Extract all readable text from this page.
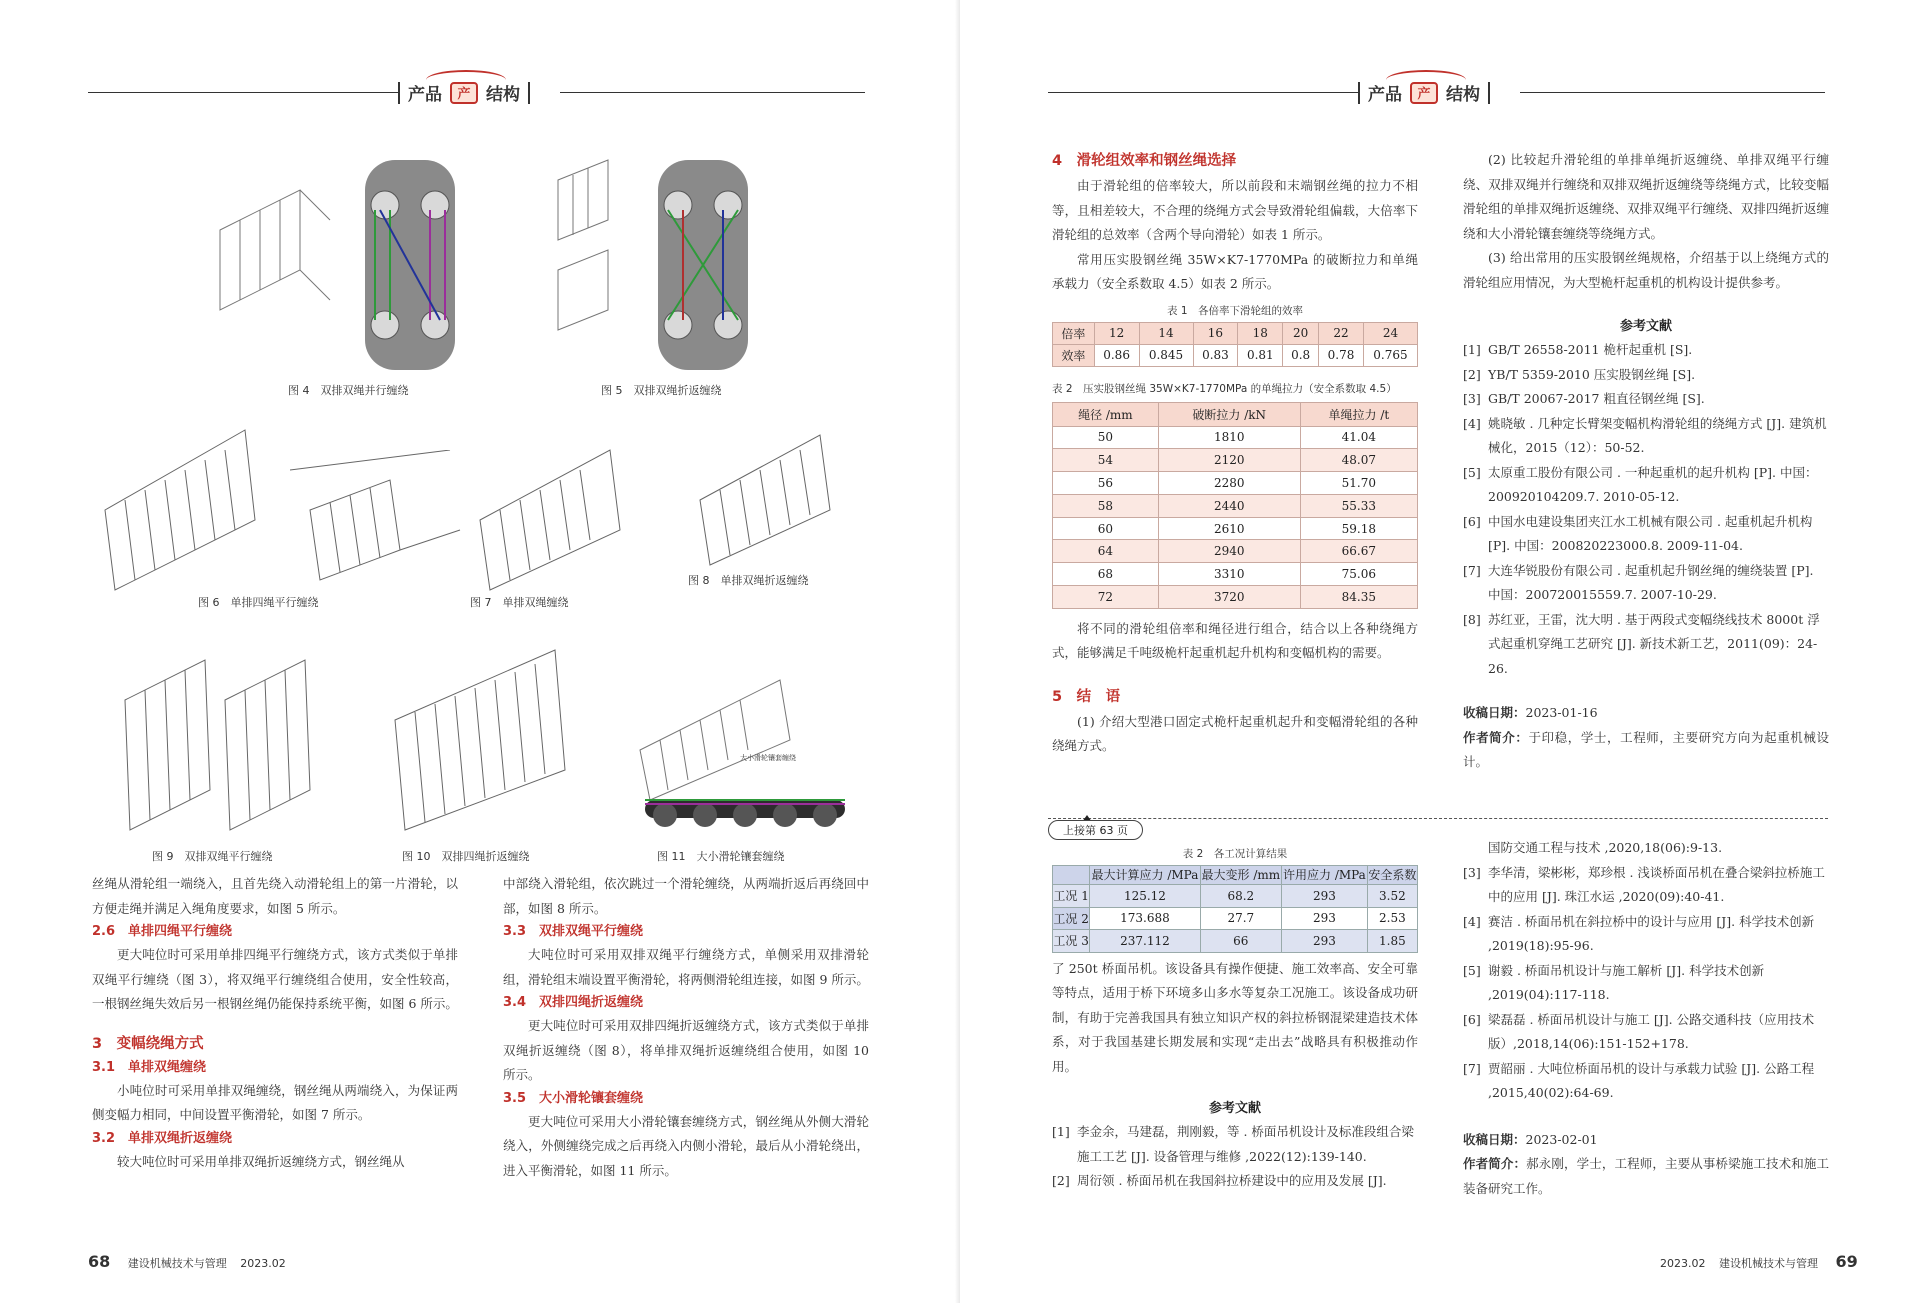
产品 产 结构
图 4　双排双绳并行缠绕	图 5　双排双绳折返缠绕
图 6　单排四绳平行缠绕	图 7　单排双绳缠绕
图 8　单排双绳折返缠绕
图 9　双排双绳平行缠绕	图 10　双排四绳折返缠绕
大小滑轮镶套缠绕
图 11　大小滑轮镶套缠绕

丝绳从滑轮组一端绕入，且首先绕入动滑轮组上的第一片滑轮，以方便走绳并满足入绳角度要求，如图 5 所示。

2.6　单排四绳平行缠绕

更大吨位时可采用单排四绳平行缠绕方式，该方式类似于单排双绳平行缠绕（图 3），将双绳平行缠绕组合使用，安全性较高，一根钢丝绳失效后另一根钢丝绳仍能保持系统平衡，如图 6 所示。

3　变幅绕绳方式
3.1　单排双绳缠绕

小吨位时可采用单排双绳缠绕，钢丝绳从两端绕入，为保证两侧变幅力相同，中间设置平衡滑轮，如图 7 所示。

3.2　单排双绳折返缠绕

较大吨位时可采用单排双绳折返缠绕方式，钢丝绳从

中部绕入滑轮组，依次跳过一个滑轮缠绕，从两端折返后再绕回中部，如图 8 所示。

3.3　双排双绳平行缠绕

大吨位时可采用双排双绳平行缠绕方式，单侧采用双排滑轮组，滑轮组末端设置平衡滑轮，将两侧滑轮组连接，如图 9 所示。

3.4　双排四绳折返缠绕

更大吨位时可采用双排四绳折返缠绕方式，该方式类似于单排双绳折返缠绕（图 8），将单排双绳折返缠绕组合使用，如图 10 所示。

3.5　大小滑轮镶套缠绕

更大吨位可采用大小滑轮镶套缠绕方式，钢丝绳从外侧大滑轮绕入，外侧缠绕完成之后再绕入内侧小滑轮，最后从小滑轮绕出，进入平衡滑轮，如图 11 所示。

68 建设机械技术与管理 2023.02
产品 产 结构
4　滑轮组效率和钢丝绳选择

由于滑轮组的倍率较大，所以前段和末端钢丝绳的拉力不相等，且相差较大，不合理的绕绳方式会导致滑轮组偏载，大倍率下滑轮组的总效率（含两个导向滑轮）如表 1 所示。

常用压实股钢丝绳 35W×K7-1770MPa 的破断拉力和单绳承载力（安全系数取 4.5）如表 2 所示。

表 1　各倍率下滑轮组的效率
倍率	12	14	16	18	20	22	24
效率	0.86	0.845	0.83	0.81	0.8	0.78	0.765
表 2　压实股钢丝绳 35W×K7-1770MPa 的单绳拉力（安全系数取 4.5）
绳径 /mm	破断拉力 /kN	单绳拉力 /t
50	1810	41.04
54	2120	48.07
56	2280	51.70
58	2440	55.33
60	2610	59.18
64	2940	66.67
68	3310	75.06
72	3720	84.35

将不同的滑轮组倍率和绳径进行组合，结合以上各种绕绳方式，能够满足千吨级桅杆起重机起升机构和变幅机构的需要。

5　结　语

(1) 介绍大型港口固定式桅杆起重机起升和变幅滑轮组的各种绕绳方式。

(2) 比较起升滑轮组的单排单绳折返缠绕、单排双绳平行缠绕、双排双绳并行缠绕和双排双绳折返缠绕等绕绳方式，比较变幅滑轮组的单排双绳折返缠绕、双排双绳平行缠绕、双排四绳折返缠绕和大小滑轮镶套缠绕等绕绳方式。

(3) 给出常用的压实股钢丝绳规格，介绍基于以上绕绳方式的滑轮组应用情况，为大型桅杆起重机的机构设计提供参考。

参考文献
[1] GB/T 26558-2011 桅杆起重机 [S].
[2] YB/T 5359-2010 压实股钢丝绳 [S].
[3] GB/T 20067-2017 粗直径钢丝绳 [S].
[4] 姚晓敏 . 几种定长臂架变幅机构滑轮组的绕绳方式 [J]. 建筑机械化，2015（12）：50-52.
[5] 太原重工股份有限公司 . 一种起重机的起升机构 [P]. 中国：200920104209.7. 2010-05-12.
[6] 中国水电建设集团夹江水工机械有限公司 . 起重机起升机构 [P]. 中国：200820223000.8. 2009-11-04.
[7] 大连华锐股份有限公司 . 起重机起升钢丝绳的缠绕装置 [P]. 中国：200720015559.7. 2007-10-29.
[8] 苏红亚，王雷，沈大明 . 基于两段式变幅绕线技术 8000t 浮式起重机穿绳工艺研究 [J]. 新技术新工艺，2011(09)：24-26.
收稿日期：2023-01-16
作者简介：于印稳，学士，工程师，主要研究方向为起重机械设计。
上接第 63 页
表 2　各工况计算结果
	最大计算应力 /MPa	最大变形 /mm	许用应力 /MPa	安全系数
工况 1	125.12	68.2	293	3.52
工况 2	173.688	27.7	293	2.53
工况 3	237.112	66	293	1.85

了 250t 桥面吊机。该设备具有操作便捷、施工效率高、安全可靠等特点，适用于桥下环境多山多水等复杂工况施工。该设备成功研制，有助于完善我国具有独立知识产权的斜拉桥钢混梁建造技术体系，对于我国基建长期发展和实现“走出去”战略具有积极推动作用。

参考文献
[1] 李金余，马建磊，荆刚毅，等 . 桥面吊机设计及标准段组合梁施工工艺 [J]. 设备管理与维修 ,2022(12):139-140.
[2] 周衍领 . 桥面吊机在我国斜拉桥建设中的应用及发展 [J].
国防交通工程与技术 ,2020,18(06):9-13.
[3] 李华清，梁彬彬，郑珍根 . 浅谈桥面吊机在叠合梁斜拉桥施工中的应用 [J]. 珠江水运 ,2020(09):40-41.
[4] 赛洁 . 桥面吊机在斜拉桥中的设计与应用 [J]. 科学技术创新 ,2019(18):95-96.
[5] 谢毅 . 桥面吊机设计与施工解析 [J]. 科学技术创新 ,2019(04):117-118.
[6] 梁磊磊 . 桥面吊机设计与施工 [J]. 公路交通科技（应用技术版）,2018,14(06):151-152+178.
[7] 贾韶丽 . 大吨位桥面吊机的设计与承载力试验 [J]. 公路工程 ,2015,40(02):64-69.
收稿日期：2023-02-01
作者简介：郝永刚，学士，工程师，主要从事桥梁施工技术和施工装备研究工作。
2023.02 建设机械技术与管理 69
